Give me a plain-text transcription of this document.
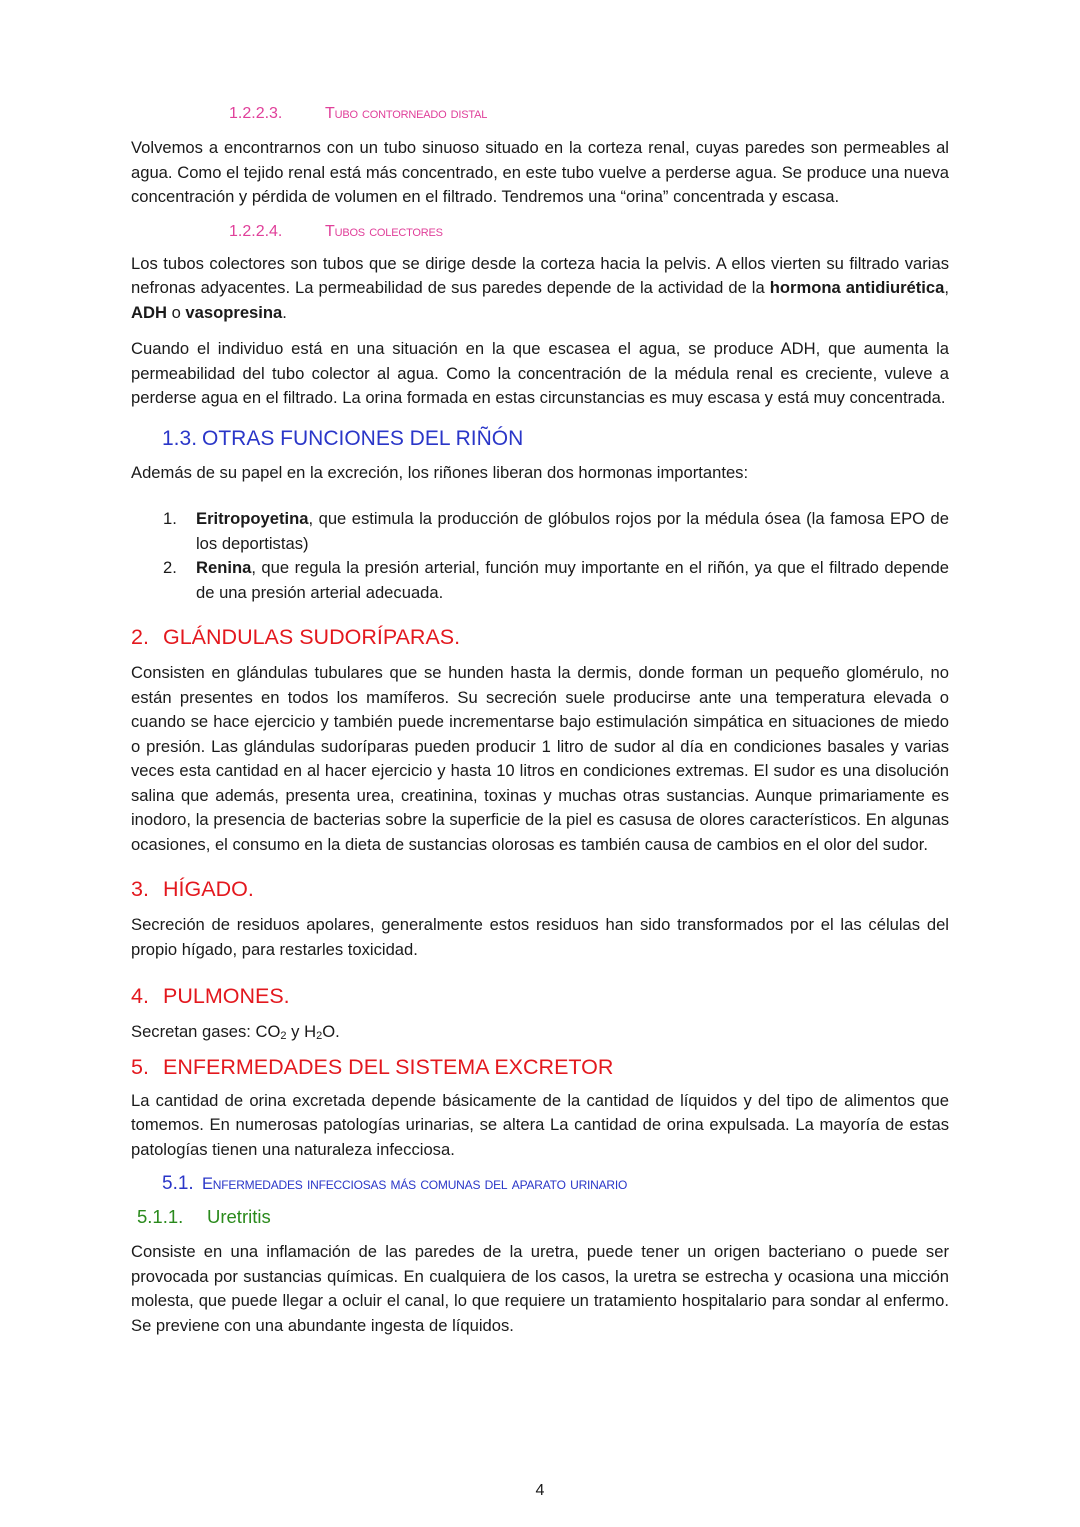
1.2.2.3.	Tubo contorneado distal

Volvemos a encontrarnos con un tubo sinuoso situado en la corteza renal, cuyas paredes son permeables al agua. Como el tejido renal está más concentrado, en este tubo vuelve a perderse agua. Se produce una nueva concentración y pérdida de volumen en el filtrado. Tendremos una “orina” concentrada y escasa.

1.2.2.4.	Tubos colectores

Los tubos colectores son tubos que se dirige desde la corteza hacia la pelvis. A ellos vierten su filtrado varias nefronas adyacentes. La permeabilidad de sus paredes depende de la actividad de la hormona antidiurética, ADH o vasopresina.

Cuando el individuo está en una situación en la que escasea el agua, se produce ADH, que aumenta la permeabilidad del tubo colector al agua. Como la concentración de la médula renal es creciente, vuleve a perderse agua en el filtrado. La orina formada en estas circunstancias es muy escasa y está muy concentrada.

1.3. OTRAS FUNCIONES DEL RIÑÓN

Además de su papel en la excreción, los riñones liberan dos hormonas importantes:

1.	Eritropoyetina, que estimula la producción de glóbulos rojos por la médula ósea (la famosa EPO de los deportistas)
2.	Renina, que regula la presión arterial, función muy importante en el riñón, ya que el filtrado depende de una presión arterial adecuada.
2. GLÁNDULAS SUDORÍPARAS.

Consisten en glándulas tubulares que se hunden hasta la dermis, donde forman un pequeño glomérulo, no están presentes en todos los mamíferos. Su secreción suele producirse ante una temperatura elevada o cuando se hace ejercicio y también puede incrementarse bajo estimulación simpática en situaciones de miedo o presión. Las glándulas sudoríparas pueden producir 1 litro de sudor al día en condiciones basales y varias veces esta cantidad en al hacer ejercicio y hasta 10 litros en condiciones extremas. El sudor es una disolución salina que además, presenta urea, creatinina, toxinas y muchas otras sustancias. Aunque primariamente es inodoro, la presencia de bacterias sobre la superficie de la piel es casusa de olores característicos. En algunas ocasiones, el consumo en la dieta de sustancias olorosas es también causa de cambios en el olor del sudor.

3. HÍGADO.

Secreción de residuos apolares, generalmente estos residuos han sido transformados por el las células del propio hígado, para restarles toxicidad.

4. PULMONES.

Secretan gases: $CO_2$ y $H_2O$.

5. ENFERMEDADES DEL SISTEMA EXCRETOR

La cantidad de orina excretada depende básicamente de la cantidad de líquidos y del tipo de alimentos que tomemos. En numerosas patologías urinarias, se altera La cantidad de orina expulsada. La mayoría de estas patologías tienen una naturaleza infecciosa.

5.1. Enfermedades infecciosas más comunas del aparato urinario
5.1.1. Uretritis

Consiste en una inflamación de las paredes de la uretra, puede tener un origen bacteriano o puede ser provocada por sustancias químicas. En cualquiera de los casos, la uretra se estrecha y ocasiona una micción molesta, que puede llegar a ocluir el canal, lo que requiere un tratamiento hospitalario para sondar al enfermo. Se previene con una abundante ingesta de líquidos.

4
